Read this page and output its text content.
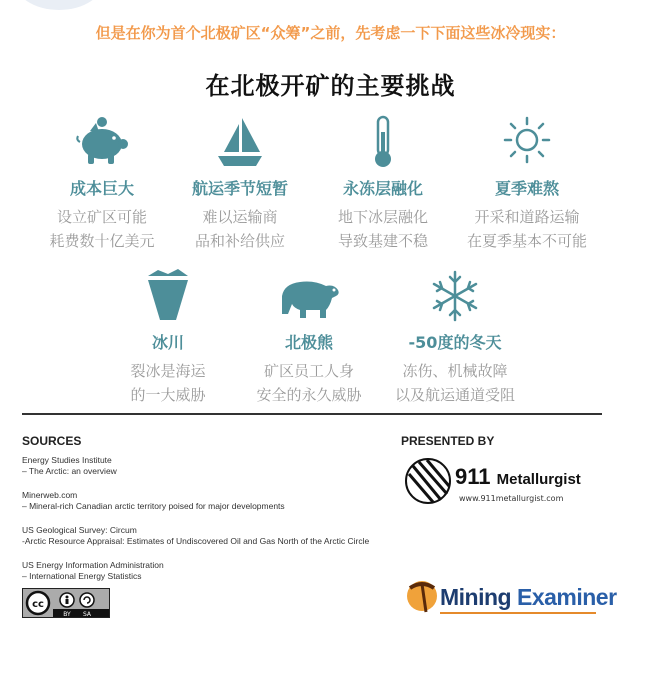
但是在你为首个北极矿区“众筹”之前，先考虑一下下面这些冰冷现实：
在北极开矿的主要挑战
成本巨大
设立矿区可能
耗费数十亿美元
航运季节短暂
难以运输商
品和补给供应
永冻层融化
地下冰层融化
导致基建不稳
夏季难熬
开采和道路运输
在夏季基本不可能
冰川
裂冰是海运
的一大威胁
北极熊
矿区员工人身
安全的永久威胁
-50度的冬天
冻伤、机械故障
以及航运通道受阻
SOURCES
Energy Studies Institute
– The Arctic: an overview
Minerweb.com
– Mineral-rich Canadian arctic territory poised for major developments
US Geological Survey: Circum
-Arctic Resource Appraisal: Estimates of Undiscovered Oil and Gas North of the Arctic Circle
US Energy Information Administration
– International Energy Statistics
cc
BY SA
PRESENTED BY
911 Metallurgist
www.911metallurgist.com
Mining Examiner
